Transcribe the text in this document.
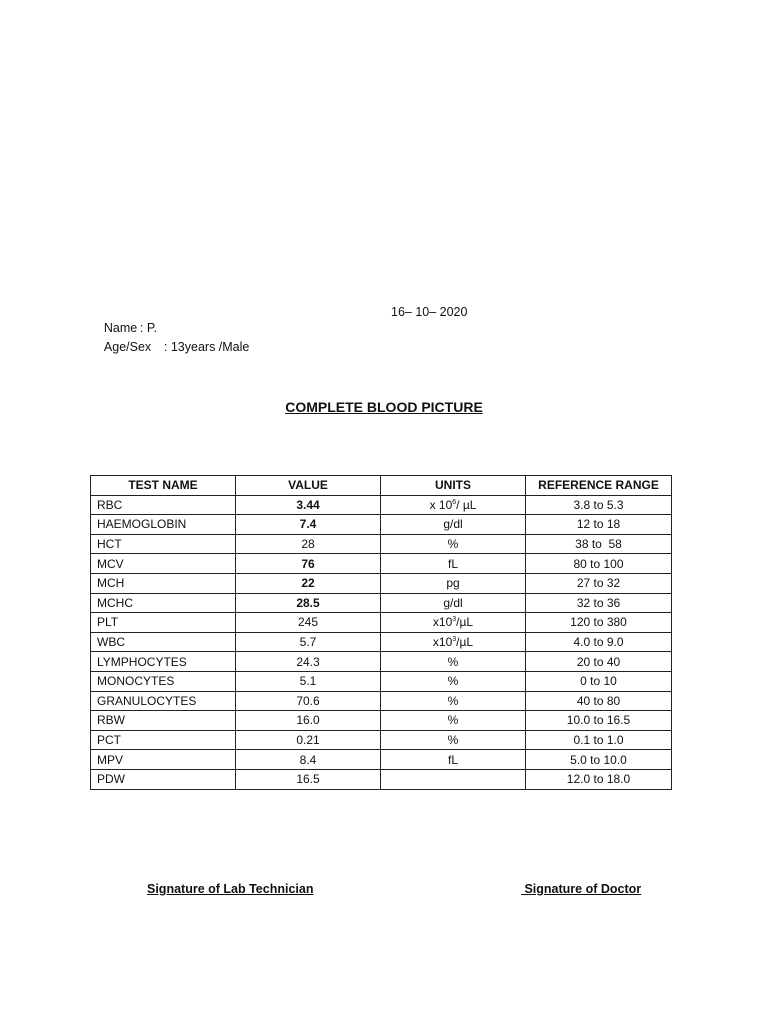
Name : P.

16– 10– 2020

Age/Sex : 13years /Male

COMPLETE BLOOD PICTURE
TEST NAME	VALUE	UNITS	REFERENCE RANGE
RBC	3.44	x $10^6/$ µL	3.8 to 5.3
HAEMOGLOBIN	7.4	g/dl	12 to 18
HCT	28	%	38 to  58
MCV	76	fL	80 to 100
MCH	22	pg	27 to 32
MCHC	28.5	g/dl	32 to 36
PLT	245	$x10^3/\mu L$	120 to 380
WBC	5.7	$x10^3/\mu L$	4.0 to 9.0
LYMPHOCYTES	24.3	%	20 to 40
MONOCYTES	5.1	%	0 to 10
GRANULOCYTES	70.6	%	40 to 80
RBW	16.0	%	10.0 to 16.5
PCT	0.21	%	0.1 to 1.0
MPV	8.4	fL	5.0 to 10.0
PDW	16.5		12.0 to 18.0
Signature of Lab Technician	Signature of Doctor
